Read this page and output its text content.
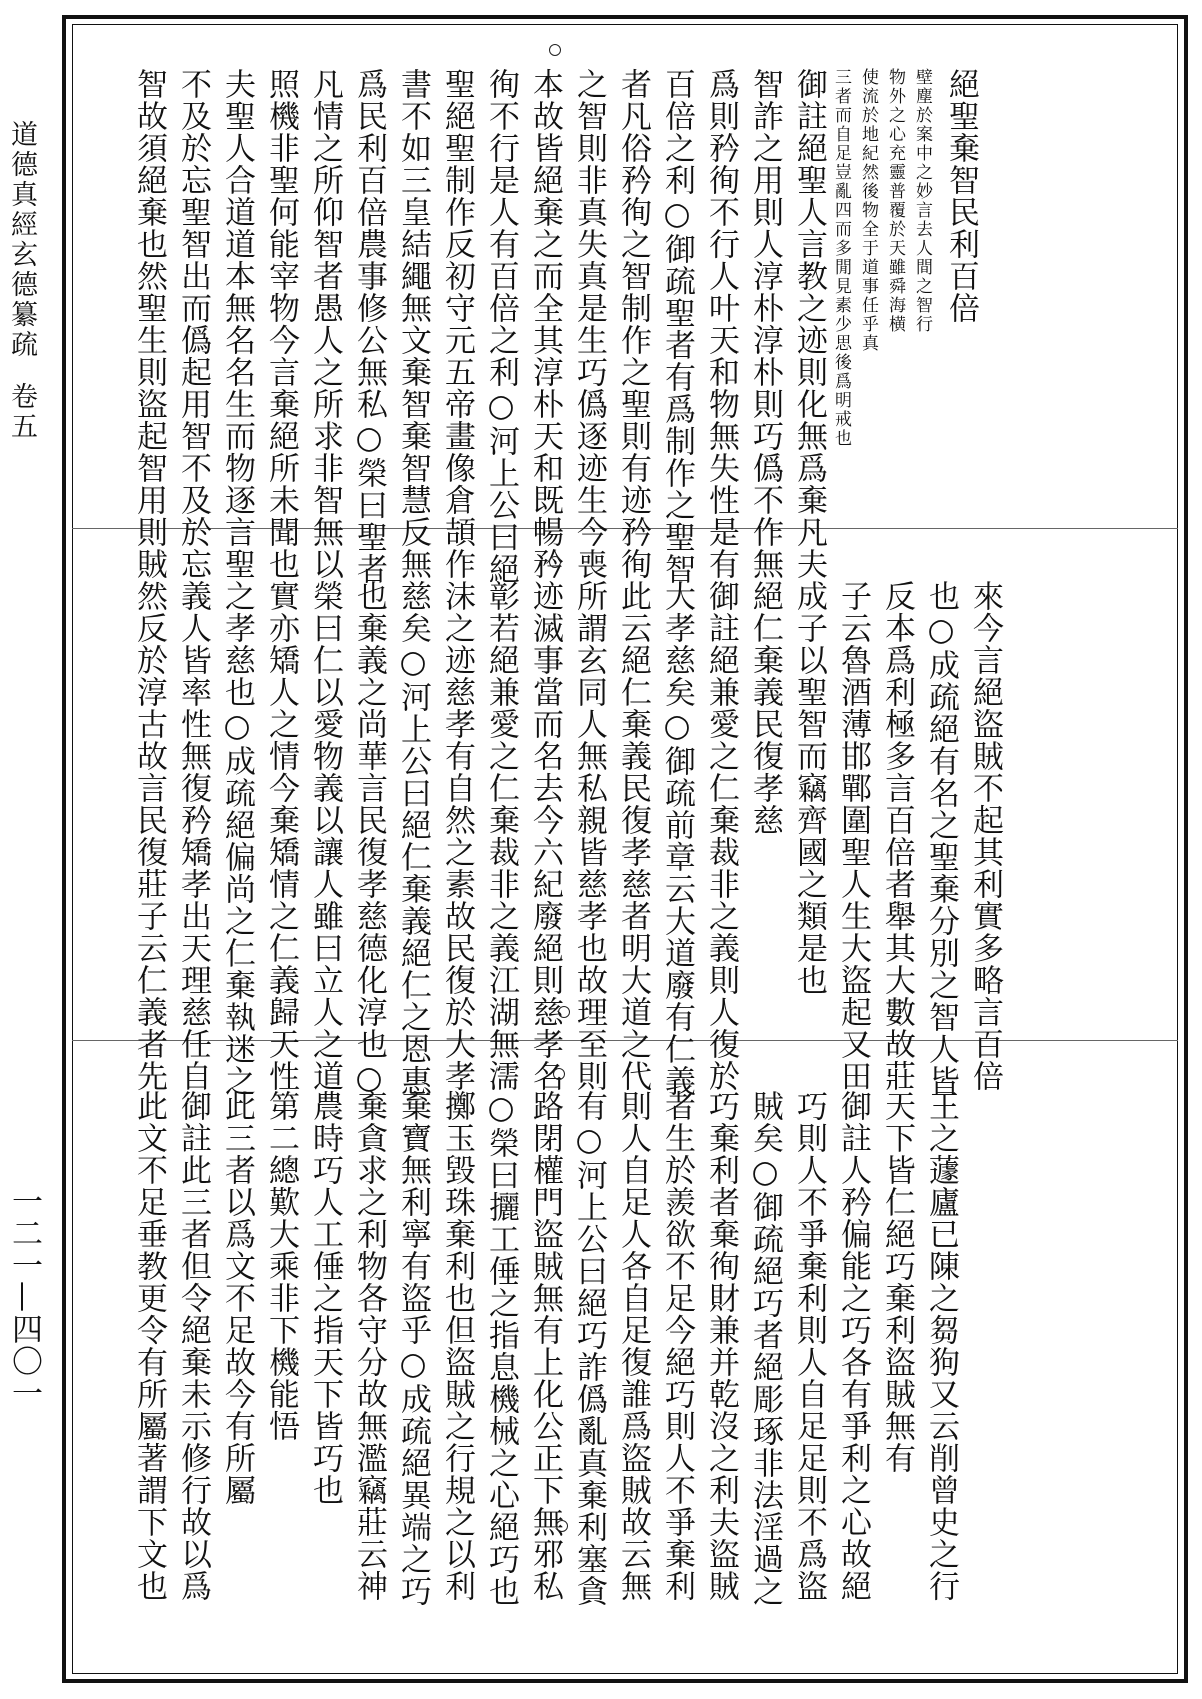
道德真經玄德纂疏卷五
一二一—四〇一
絕聖棄智民利百倍壁塵於案中之妙言去人間之智行物外之心充靈普覆於天雖舜海横使流於地紀然後物全于道事任乎真三者而自足豈亂四而多閒見素少思後爲明戒也御註絕聖人言教之迹則化無爲棄凡夫智詐之用則人淳朴淳朴則巧僞不作無爲則矜徇不行人叶天和物無失性是有百倍之利○御疏聖者有爲制作之聖智者凡俗矜徇之智制作之聖則有迹矜徇之智則非真失真是生巧僞逐迹生今喪本故皆絕棄之而全其淳朴天和既暢矜徇不行是人有百倍之利○河上公曰絕聖絕聖制作反初守元五帝畫像倉頡作書不如三皇結繩無文棄智棄智慧反無爲民利百倍農事修公無私○榮曰聖者凡情之所仰智者愚人之所求非智無以照機非聖何能宰物今言棄絕所未聞也夫聖人合道道本無名名生而物逐言聖不及於忘聖智出而僞起用智不及於忘智故須絕棄也然聖生則盜起智用則賊
來今言絕盜賊不起其利實多略言百倍也○成疏絕有名之聖棄分別之智人皆反本爲利極多言百倍者舉其大數故莊子云魯酒薄邯鄲圍聖人生大盜起又田成子以聖智而竊齊國之類是也絕仁棄義民復孝慈御註絕兼愛之仁棄裁非之義則人復於大孝慈矣○御疏前章云大道廢有仁義此云絕仁棄義民復孝慈者明大道之代所謂玄同人無私親皆慈孝也故理至則迹滅事當而名去今六紀廢絕則慈孝名彰若絕兼愛之仁棄裁非之義江湖無濡沫之迹慈孝有自然之素故民復於大孝慈矣○河上公曰絕仁棄義絕仁之恩惠也棄義之尚華言民復孝慈德化淳也○榮曰仁以愛物義以讓人雖曰立人之道實亦矯人之情今棄矯情之仁義歸天性之孝慈也○成疏絕偏尚之仁棄執迷之義人皆率性無復矜矯孝出天理慈任自然反於淳古故言民復莊子云仁義者先
王之蘧廬已陳之芻狗又云削曾史之行天下皆仁絕巧棄利盜賊無有御註人矜偏能之巧各有爭利之心故絕巧則人不爭棄利則人自足足則不爲盜賊矣○御疏絕巧者絕彫琢非法淫過之巧棄利者棄徇財兼并乾沒之利夫盜賊者生於羨欲不足今絕巧則人不爭棄利則人自足人各自足復誰爲盜賊故云無有○河上公曰絕巧詐僞亂真棄利塞貪路閉權門盜賊無有上化公正下無邪私○榮曰攦工倕之指息機械之心絕巧也擲玉毀珠棄利也但盜賊之行規之以利棄寶無利寧有盜乎○成疏絕異端之巧棄貪求之利物各守分故無濫竊莊云神農時巧人工倕之指天下皆巧也第二總歎大乘非下機能悟此三者以爲文不足故今有所屬御註此三者但令絕棄未示修行故以爲此文不足垂教更令有所屬著謂下文也
